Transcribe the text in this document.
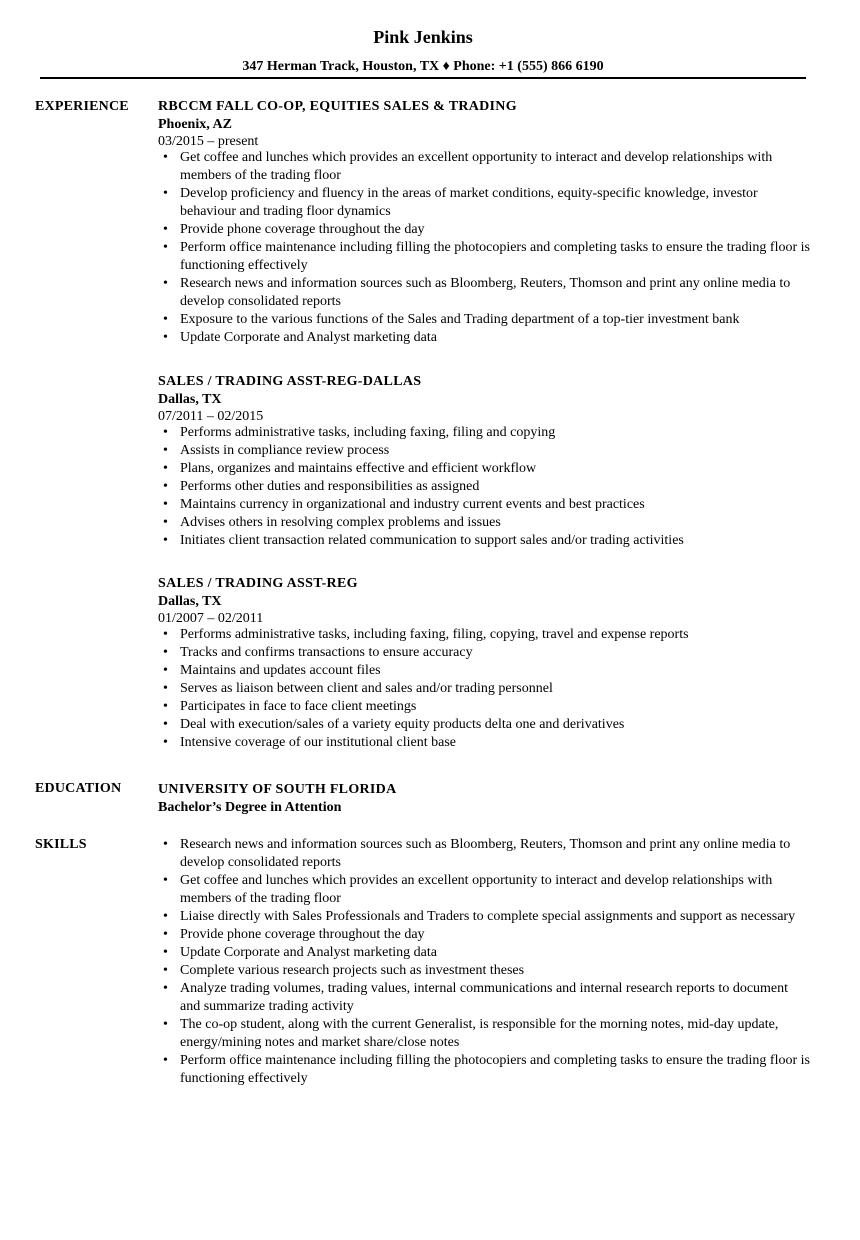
Pink Jenkins
347 Herman Track, Houston, TX ♦ Phone: +1 (555) 866 6190
EXPERIENCE RBCCM FALL CO-OP, EQUITIES SALES & TRADING
Phoenix, AZ
03/2015 – present
• Get coffee and lunches which provides an excellent opportunity to interact and develop relationships with members of the trading floor
• Develop proficiency and fluency in the areas of market conditions, equity-specific knowledge, investor behaviour and trading floor dynamics
• Provide phone coverage throughout the day
• Perform office maintenance including filling the photocopiers and completing tasks to ensure the trading floor is functioning effectively
• Research news and information sources such as Bloomberg, Reuters, Thomson and print any online media to develop consolidated reports
• Exposure to the various functions of the Sales and Trading department of a top-tier investment bank
• Update Corporate and Analyst marketing data
SALES / TRADING ASST-REG-DALLAS
Dallas, TX
07/2011 – 02/2015
• Performs administrative tasks, including faxing, filing and copying
• Assists in compliance review process
• Plans, organizes and maintains effective and efficient workflow
• Performs other duties and responsibilities as assigned
• Maintains currency in organizational and industry current events and best practices
• Advises others in resolving complex problems and issues
• Initiates client transaction related communication to support sales and/or trading activities
SALES / TRADING ASST-REG
Dallas, TX
01/2007 – 02/2011
• Performs administrative tasks, including faxing, filing, copying, travel and expense reports
• Tracks and confirms transactions to ensure accuracy
• Maintains and updates account files
• Serves as liaison between client and sales and/or trading personnel
• Participates in face to face client meetings
• Deal with execution/sales of a variety equity products delta one and derivatives
• Intensive coverage of our institutional client base
EDUCATION	UNIVERSITY OF SOUTH FLORIDA
Bachelor’s Degree in Attention
SKILLS	• Research news and information sources such as Bloomberg, Reuters, Thomson and print any online media to develop consolidated reports
• Get coffee and lunches which provides an excellent opportunity to interact and develop relationships with members of the trading floor
• Liaise directly with Sales Professionals and Traders to complete special assignments and support as necessary
• Provide phone coverage throughout the day
• Update Corporate and Analyst marketing data
• Complete various research projects such as investment theses
• Analyze trading volumes, trading values, internal communications and internal research reports to document and summarize trading activity
• The co-op student, along with the current Generalist, is responsible for the morning notes, mid-day update, energy/mining notes and market share/close notes
• Perform office maintenance including filling the photocopiers and completing tasks to ensure the trading floor is functioning effectively
